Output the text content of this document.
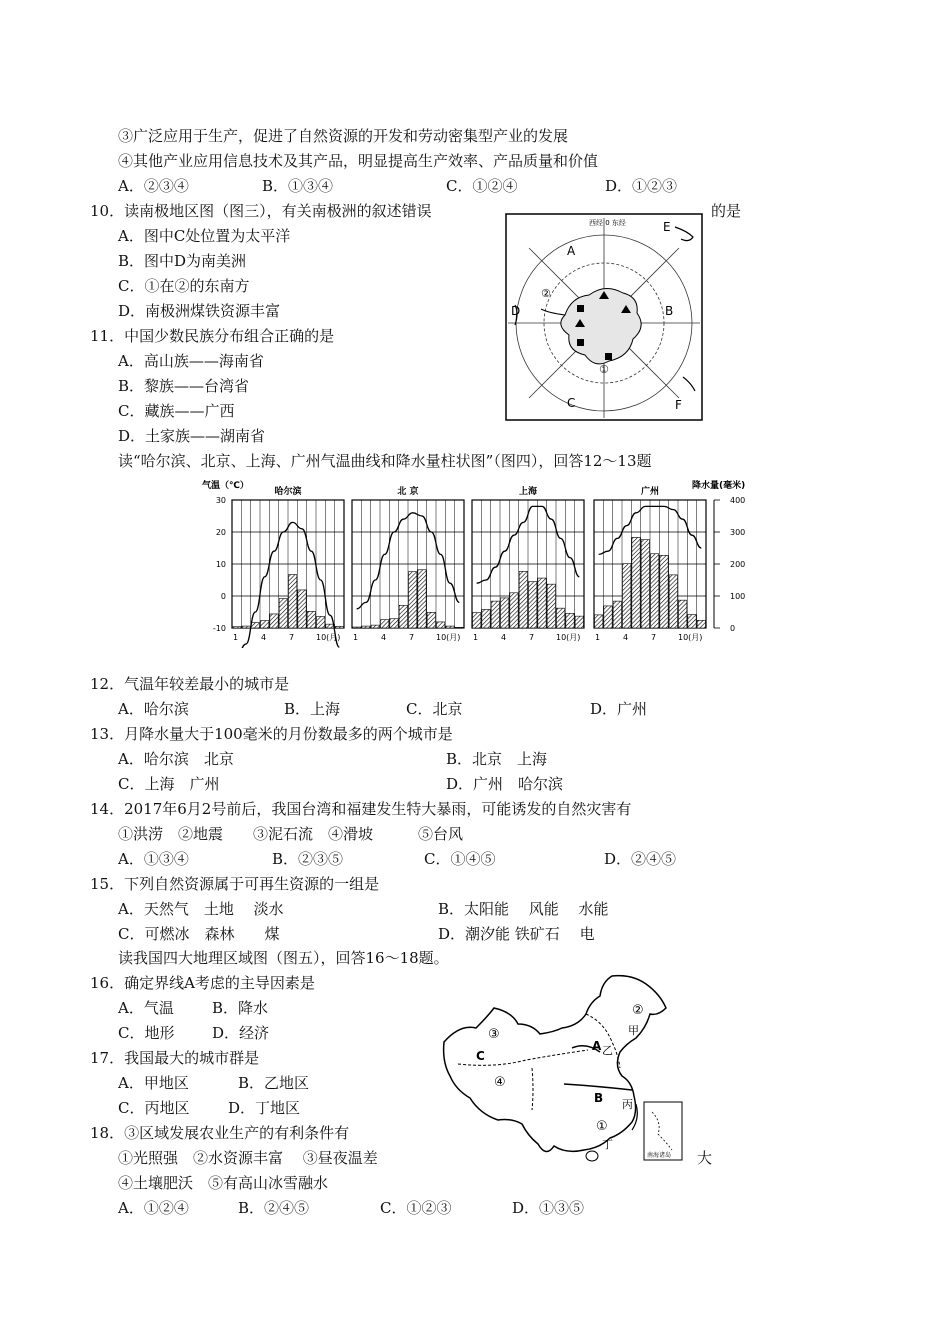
③广泛应用于生产，促进了自然资源的开发和劳动密集型产业的发展
④其他产业应用信息技术及其产品，明显提高生产效率、产品质量和价值
A．②③④	B．①③④	C．①②④	D．①②③
10．读南极地区图（图三），有关南极洲的叙述错误	的是
A．图中C处位置为太平洋
B．图中D为南美洲
C．①在②的东南方
D．南极洲煤铁资源丰富
11．中国少数民族分布组合正确的是
A．高山族——海南省
B．黎族——台湾省
C．藏族——广西
D．土家族——湖南省
A
B
C
D
E
F
①
②
西经 0 东经
读“哈尔滨、北京、上海、广州气温曲线和降水量柱状图”（图四），回答12～13题
气温（℃）	降水量(毫米)
哈尔滨
1	4	7	10(月)
北 京
1	4	7	10(月)
上海
1	4	7	10(月)
广州
1	4	7	10(月)
30
20
10
0
-10
400
300
200
100
0
12．气温年较差最小的城市是
A．哈尔滨	B．上海	C．北京	D．广州
13．月降水量大于100毫米的月份数最多的两个城市是
A．哈尔滨　北京	B．北京　上海
C．上海　广州	D．广州　哈尔滨
14．2017年6月2号前后，我国台湾和福建发生特大暴雨，可能诱发的自然灾害有
①洪涝　②地震　　③泥石流　④滑坡　　　⑤台风
A．①③④	B．②③⑤	C．①④⑤	D．②④⑤
15．下列自然资源属于可再生资源的一组是
A．天然气　土地　 淡水	B．太阳能　 风能　 水能
C．可燃冰　森林　　煤	D．潮汐能 铁矿石　 电
读我国四大地理区域图（图五），回答16～18题。
16．确定界线A考虑的主导因素是
A．气温	B．降水
C．地形	D．经济
17．我国最大的城市群是
A．甲地区	B．乙地区
C．丙地区	D．丁地区
18．③区域发展农业生产的有利条件有
①光照强　②水资源丰富　 ③昼夜温差	大
④土壤肥沃　⑤有高山冰雪融水
A．①②④	B．②④⑤	C．①②③	D．①③⑤
①
②
③
④
A
B
C
甲
乙
丙
丁
南海诸岛
